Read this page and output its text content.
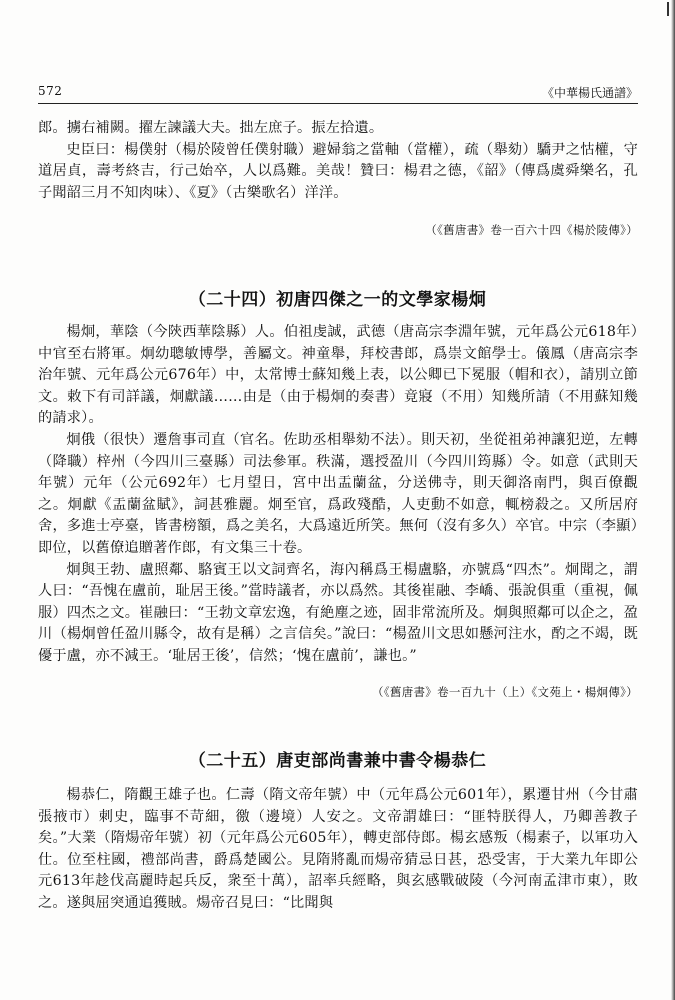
572	《中華楊氏通譜》

郎。擄右補闕。擢左諫議大夫。拙左庶子。振左拾遺。

史臣曰：楊僕射（楊於陵曾任僕射職）避婦翁之當軸（當權），疏（舉劾）驕尹之怙權，守道居貞，壽考終吉，行己始卒，人以爲難。美哉！贊曰：楊君之德，《韶》（傳爲虞舜樂名，孔子聞韶三月不知肉味）、《夏》（古樂歌名）洋洋。

（《舊唐書》卷一百六十四《楊於陵傳》）
（二十四）初唐四傑之一的文學家楊炯

楊炯，華陰（今陝西華陰縣）人。伯祖虔誠，武德（唐高宗李淵年號，元年爲公元618年）中官至右將軍。炯幼聰敏博學，善屬文。神童舉，拜校書郎，爲崇文館學士。儀鳳（唐高宗李治年號、元年爲公元676年）中，太常博士蘇知幾上表，以公卿已下冕服（帽和衣），請別立節文。敕下有司詳議，炯獻議……由是（由于楊炯的奏書）竟寢（不用）知幾所請（不用蘇知幾的請求）。

炯俄（很快）遷詹事司直（官名。佐助丞相舉劾不法）。則天初，坐從祖弟神讓犯逆，左轉（降職）梓州（今四川三臺縣）司法參軍。秩滿，選授盈川（今四川筠縣）令。如意（武則天年號）元年（公元692年）七月望日，宮中出盂蘭盆，分送佛寺，則天御洛南門，與百僚觀之。炯獻《盂蘭盆賦》，詞甚雅麗。炯至官，爲政殘酷，人吏動不如意，輒榜殺之。又所居府舍，多進士亭臺，皆書榜額，爲之美名，大爲遠近所笑。無何（沒有多久）卒官。中宗（李顯）即位，以舊僚追贈著作郎，有文集三十卷。

炯與王勃、盧照鄰、駱賓王以文詞齊名，海內稱爲王楊盧駱，亦號爲“四杰”。炯聞之，謂人曰：“吾愧在盧前，耻居王後。”當時議者，亦以爲然。其後崔融、李嶠、張說俱重（重視，佩服）四杰之文。崔融曰：“王勃文章宏逸，有絶塵之迹，固非常流所及。炯與照鄰可以企之，盈川（楊炯曾任盈川縣令，故有是稱）之言信矣。”說曰：“楊盈川文思如懸河注水，酌之不竭，既優于盧，亦不減王。‘耻居王後’，信然；‘愧在盧前’，謙也。”

（《舊唐書》卷一百九十（上）《文苑上・楊炯傳》）
（二十五）唐吏部尚書兼中書令楊恭仁

楊恭仁，隋觀王雄子也。仁壽（隋文帝年號）中（元年爲公元601年），累遷甘州（今甘肅張掖市）刺史，臨事不苛細，徼（邊境）人安之。文帝謂雄曰：“匪特朕得人，乃卿善教子矣。”大業（隋煬帝年號）初（元年爲公元605年），轉吏部侍郎。楊玄感叛（楊素子，以軍功入仕。位至柱國，禮部尚書，爵爲楚國公。見隋將亂而煬帝猜忌日甚，恐受害，于大業九年即公元613年趁伐高麗時起兵反，衆至十萬），詔率兵經略，與玄感戰破陵（今河南孟津市東），敗之。遂與屈突通追獲賊。煬帝召見曰：“比聞與
